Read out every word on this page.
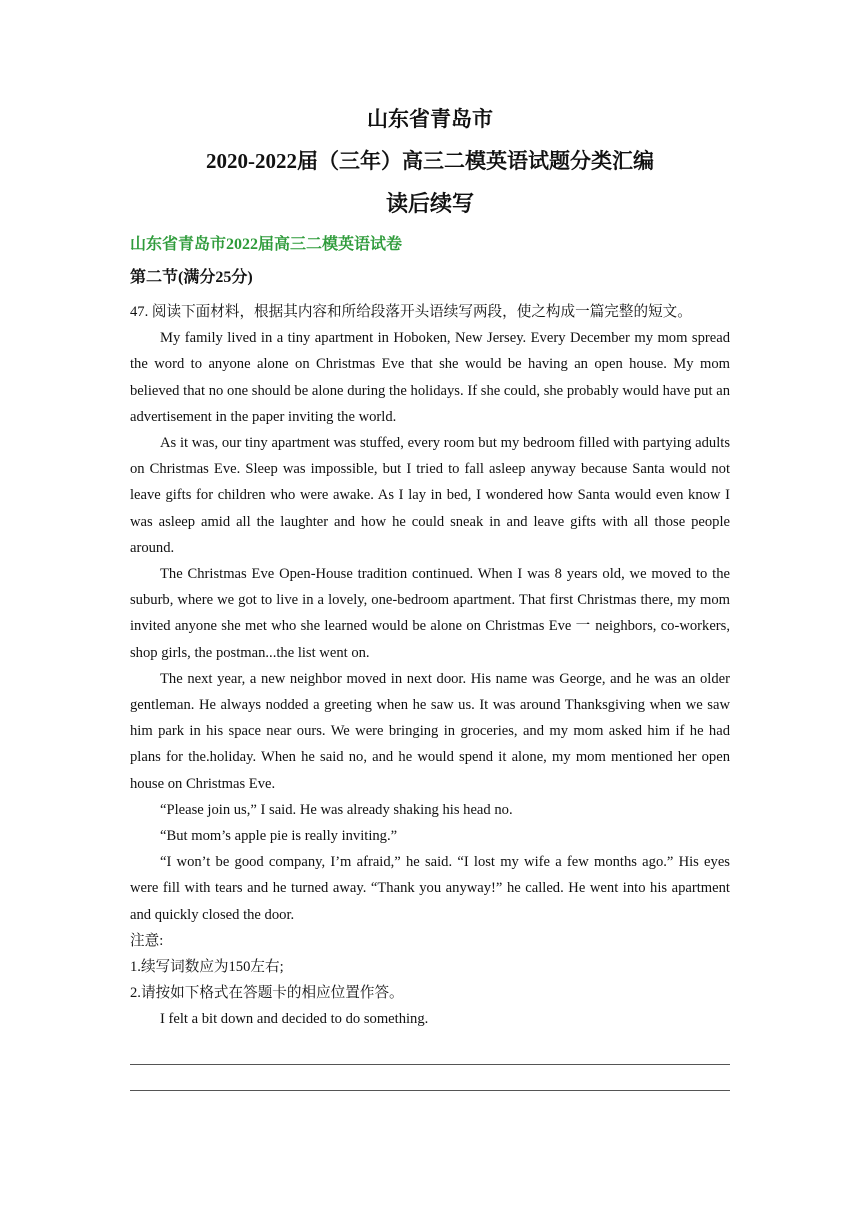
山东省青岛市
2020-2022届（三年）高三二模英语试题分类汇编
读后续写
山东省青岛市2022届高三二模英语试卷
第二节(满分25分)

47. 阅读下面材料，根据其内容和所给段落开头语续写两段，使之构成一篇完整的短文。

My family lived in a tiny apartment in Hoboken, New Jersey. Every December my mom spread the word to anyone alone on Christmas Eve that she would be having an open house. My mom believed that no one should be alone during the holidays. If she could, she probably would have put an advertisement in the paper inviting the world.

As it was, our tiny apartment was stuffed, every room but my bedroom filled with partying adults on Christmas Eve. Sleep was impossible, but I tried to fall asleep anyway because Santa would not leave gifts for children who were awake. As I lay in bed, I wondered how Santa would even know I was asleep amid all the laughter and how he could sneak in and leave gifts with all those people around.

The Christmas Eve Open-House tradition continued. When I was 8 years old, we moved to the suburb, where we got to live in a lovely, one-bedroom apartment. That first Christmas there, my mom invited anyone she met who she learned would be alone on Christmas Eve 一 neighbors, co-workers, shop girls, the postman...the list went on.

The next year, a new neighbor moved in next door. His name was George, and he was an older gentleman. He always nodded a greeting when he saw us. It was around Thanksgiving when we saw him park in his space near ours. We were bringing in groceries, and my mom asked him if he had plans for the.holiday. When he said no, and he would spend it alone, my mom mentioned her open house on Christmas Eve.

“Please join us,” I said. He was already shaking his head no.

“But mom’s apple pie is really inviting.”

“I won’t be good company, I’m afraid,” he said. “I lost my wife a few months ago.” His eyes were fill with tears and he turned away. “Thank you anyway!” he called. He went into his apartment and quickly closed the door.

注意:

1.续写词数应为150左右;

2.请按如下格式在答题卡的相应位置作答。

I felt a bit down and decided to do something.
